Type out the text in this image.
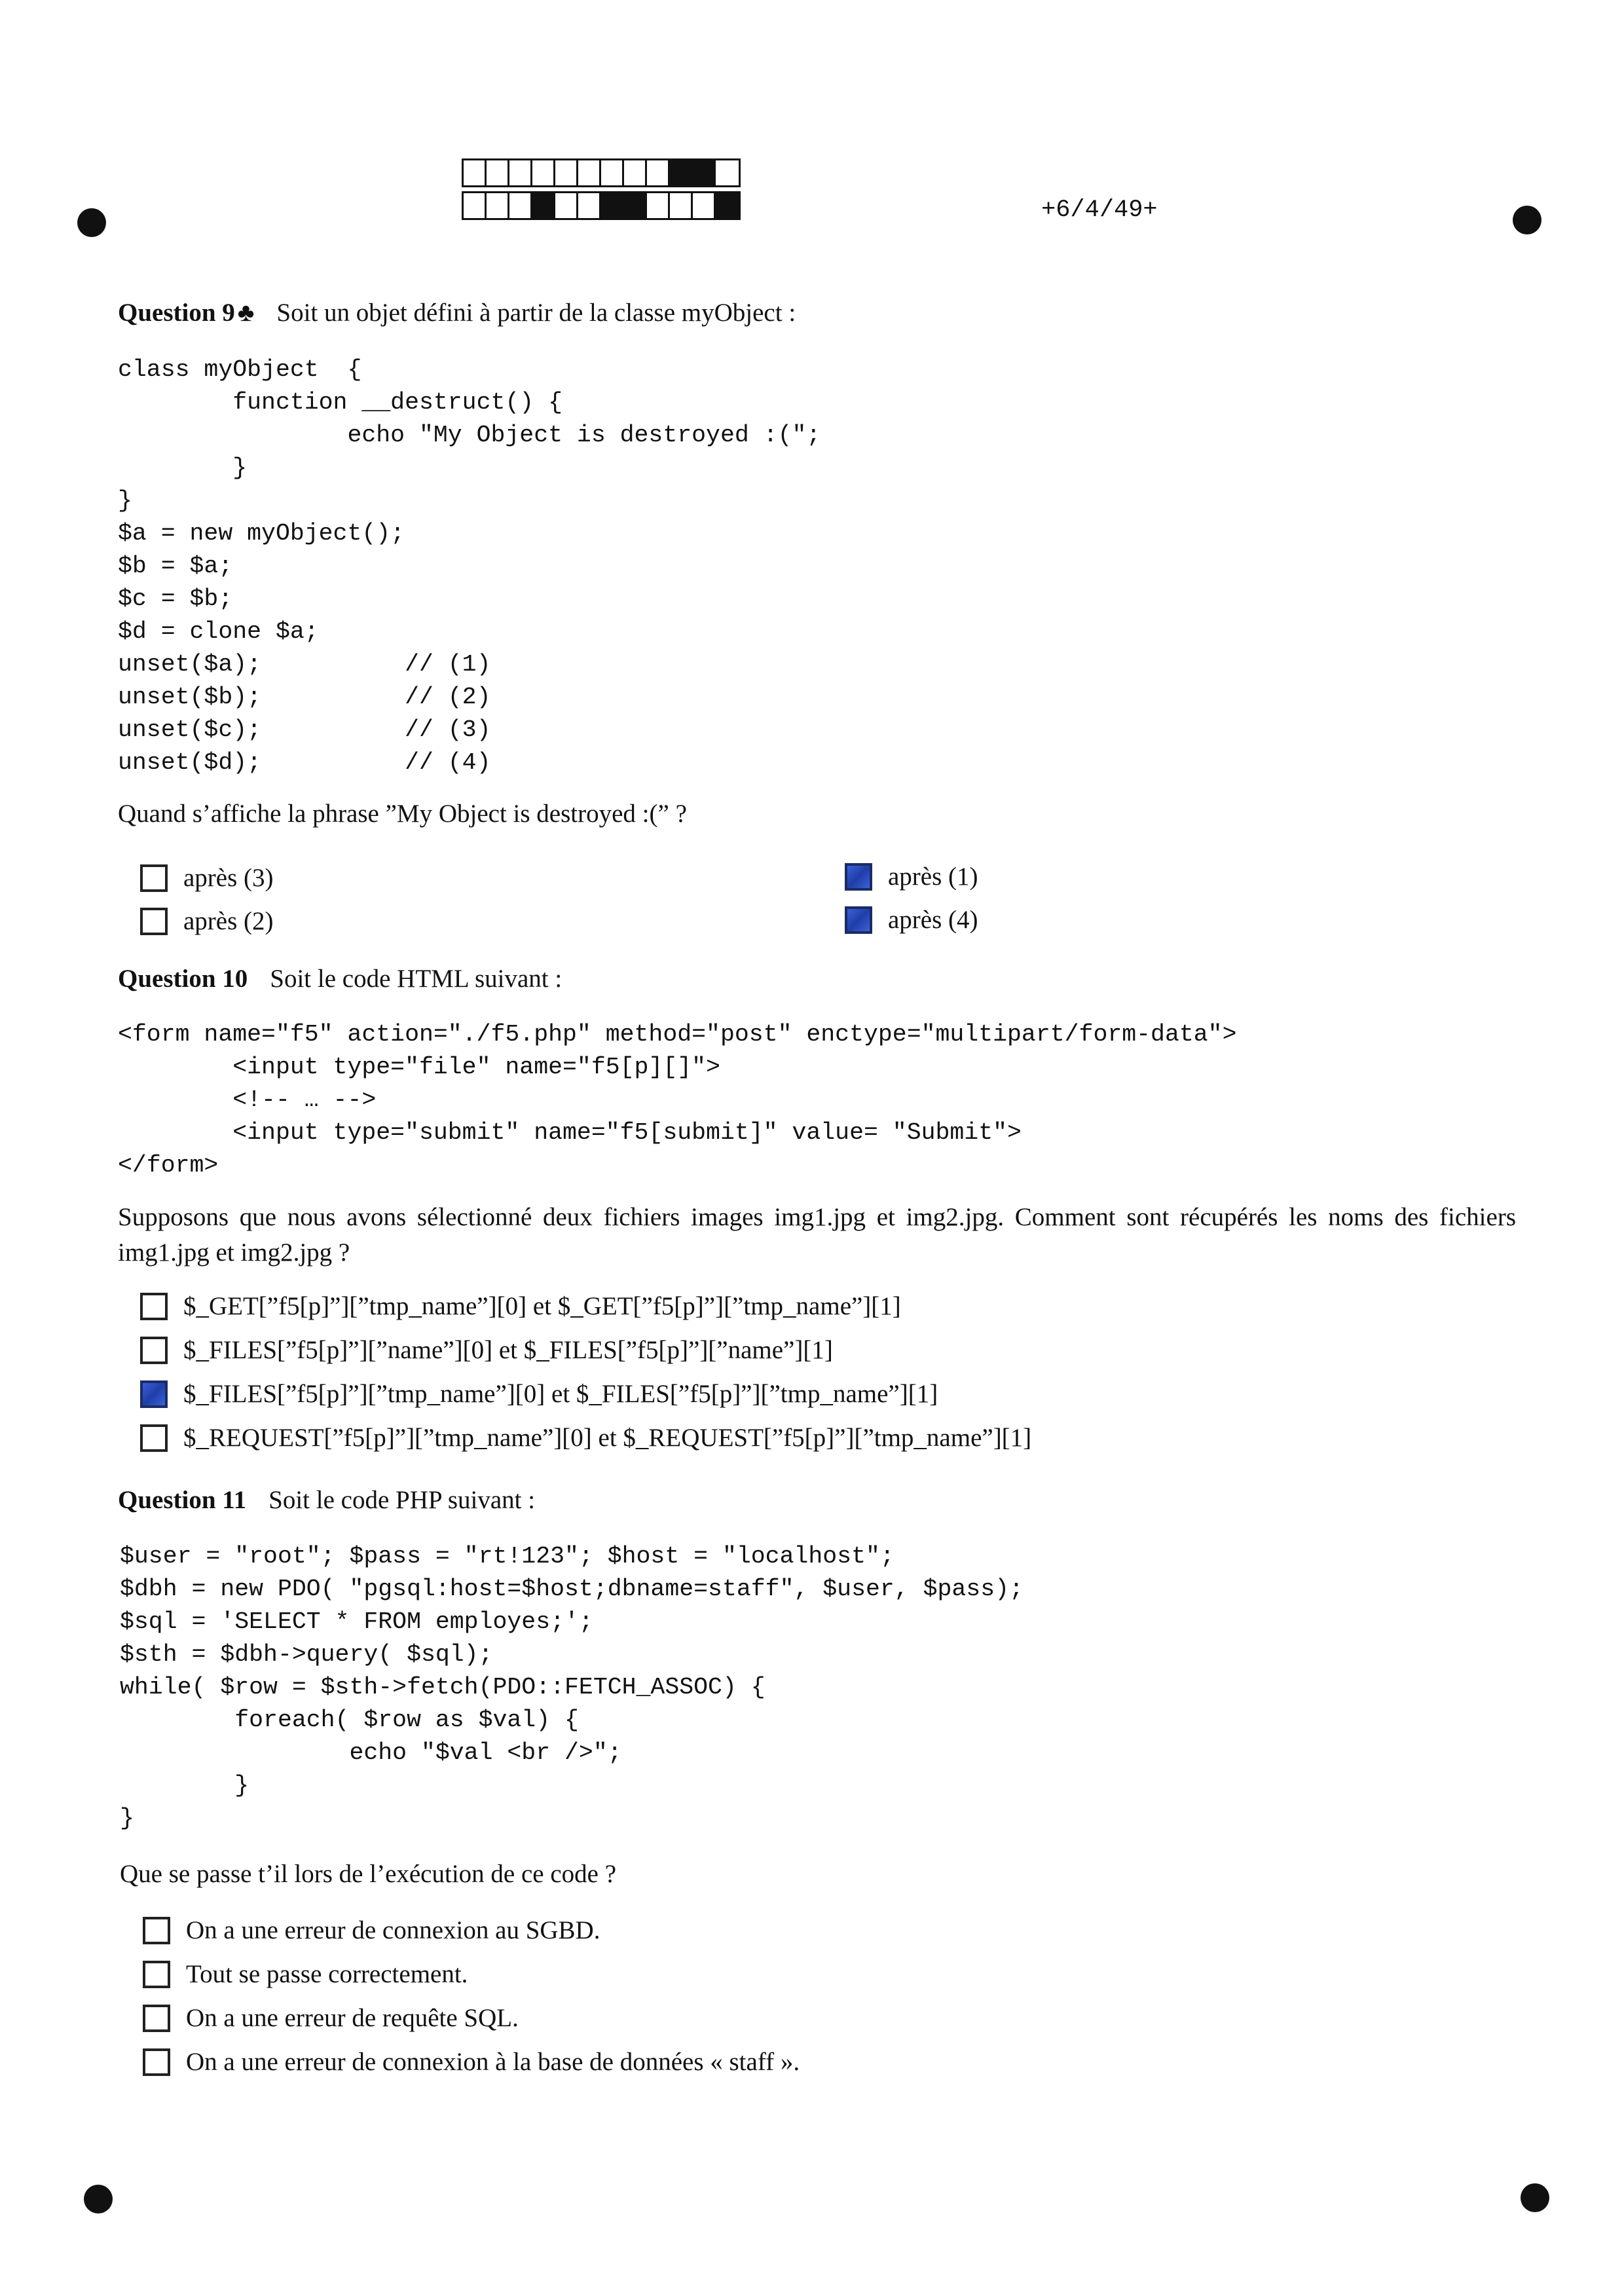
+6/4/49+
Question 9 ♣ Soit un objet défini à partir de la classe myObject :
class myObject  {
function __destruct() {
echo "My Object is destroyed :(";
}
}
$a = new myObject();
$b = $a;
$c = $b;
$d = clone $a;
unset($a);          // (1)
unset($b);          // (2)
unset($c);          // (3)
unset($d);          // (4)
Quand s’affiche la phrase ”My Object is destroyed :(” ?
après (3)
après (2)
après (1)
après (4)
Question 10 Soit le code HTML suivant :
<form name="f5" action="./f5.php" method="post" enctype="multipart/form-data">
<input type="file" name="f5[p][]">
<!-- … -->
<input type="submit" name="f5[submit]" value= "Submit">
</form>
Supposons que nous avons sélectionné deux fichiers images img1.jpg et img2.jpg. Comment sont récupérés les noms des fichiers img1.jpg et img2.jpg ?
$_GET[”f5[p]”][”tmp_name”][0] et $_GET[”f5[p]”][”tmp_name”][1]
$_FILES[”f5[p]”][”name”][0] et $_FILES[”f5[p]”][”name”][1]
$_FILES[”f5[p]”][”tmp_name”][0] et $_FILES[”f5[p]”][”tmp_name”][1]
$_REQUEST[”f5[p]”][”tmp_name”][0] et $_REQUEST[”f5[p]”][”tmp_name”][1]
Question 11 Soit le code PHP suivant :
$user = "root"; $pass = "rt!123"; $host = "localhost";
$dbh = new PDO( "pgsql:host=$host;dbname=staff", $user, $pass);
$sql = 'SELECT * FROM employes;';
$sth = $dbh->query( $sql);
while( $row = $sth->fetch(PDO::FETCH_ASSOC) {
foreach( $row as $val) {
echo "$val <br />";
}
}
Que se passe t’il lors de l’exécution de ce code ?
On a une erreur de connexion au SGBD.
Tout se passe correctement.
On a une erreur de requête SQL.
On a une erreur de connexion à la base de données « staff ».
